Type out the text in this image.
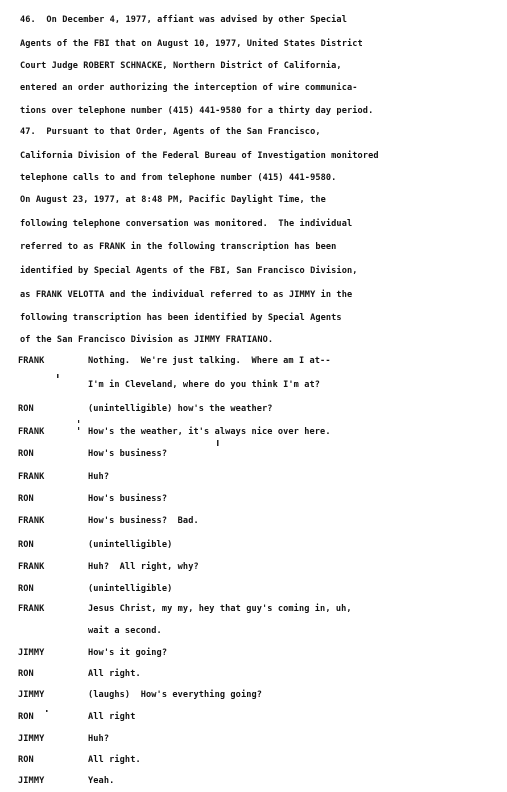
46.  On December 4, 1977, affiant was advised by other Special
Agents of the FBI that on August 10, 1977, United States District
Court Judge ROBERT SCHNACKE, Northern District of California,
entered an order authorizing the interception of wire communica-
tions over telephone number (415) 441-9580 for a thirty day period.
47.  Pursuant to that Order, Agents of the San Francisco,
California Division of the Federal Bureau of Investigation monitored
telephone calls to and from telephone number (415) 441-9580.
On August 23, 1977, at 8:48 PM, Pacific Daylight Time, the
following telephone conversation was monitored.  The individual
referred to as FRANK in the following transcription has been
identified by Special Agents of the FBI, San Francisco Division,
as FRANK VELOTTA and the individual referred to as JIMMY in the
following transcription has been identified by Special Agents
of the San Francisco Division as JIMMY FRATIANO.
FRANK	Nothing.  We're just talking.  Where am I at--
I'm in Cleveland, where do you think I'm at?
RON	(unintelligible) how's the weather?
FRANK	How's the weather, it's always nice over here.
RON	How's business?
FRANK	Huh?
RON	How's business?
FRANK	How's business?  Bad.
RON	(unintelligible)
FRANK	Huh?  All right, why?
RON	(unintelligible)
FRANK	Jesus Christ, my my, hey that guy's coming in, uh,
wait a second.
JIMMY	How's it going?
RON	All right.
JIMMY	(laughs)  How's everything going?
RON	All right
JIMMY	Huh?
RON	All right.
JIMMY	Yeah.
